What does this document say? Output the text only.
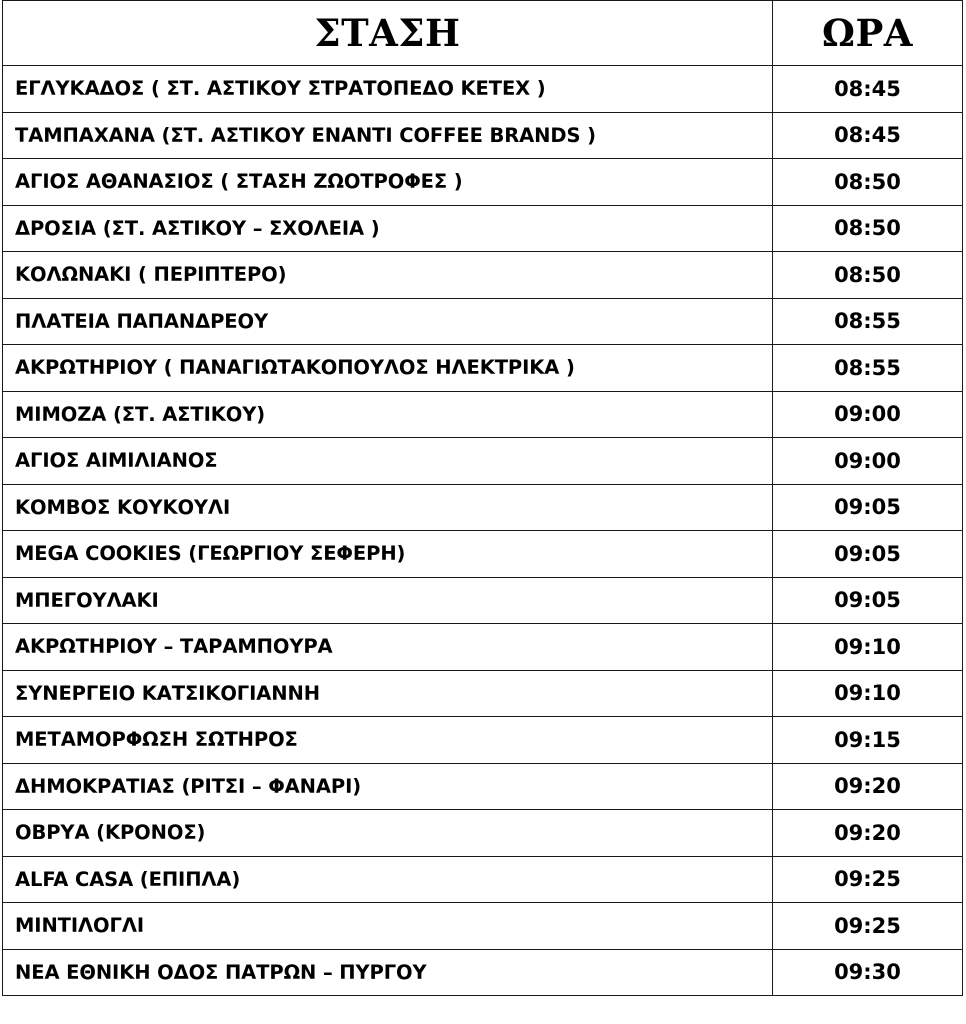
ΣΤΑΣΗ	ΩΡΑ
ΕΓΛΥΚΑΔΟΣ ( ΣΤ. ΑΣΤΙΚΟΥ ΣΤΡΑΤΟΠΕΔΟ ΚΕΤΕΧ )	08:45
ΤΑΜΠΑΧΑΝΑ (ΣΤ. ΑΣΤΙΚΟΥ ΕΝΑΝΤΙ COFFEE BRANDS )	08:45
ΑΓΙΟΣ ΑΘΑΝΑΣΙΟΣ ( ΣΤΑΣΗ ΖΩΟΤΡΟΦΕΣ )	08:50
ΔΡΟΣΙΑ (ΣΤ. ΑΣΤΙΚΟΥ – ΣΧΟΛΕΙΑ )	08:50
ΚΟΛΩΝΑΚΙ ( ΠΕΡΙΠΤΕΡΟ)	08:50
ΠΛΑΤΕΙΑ ΠΑΠΑΝΔΡΕΟΥ	08:55
ΑΚΡΩΤΗΡΙΟΥ ( ΠΑΝΑΓΙΩΤΑΚΟΠΟΥΛΟΣ ΗΛΕΚΤΡΙΚΑ )	08:55
ΜΙΜΟΖΑ (ΣΤ. ΑΣΤΙΚΟΥ)	09:00
ΑΓΙΟΣ ΑΙΜΙΛΙΑΝΟΣ	09:00
ΚΟΜΒΟΣ ΚΟΥΚΟΥΛΙ	09:05
MEGA COOKIES (ΓΕΩΡΓΙΟΥ ΣΕΦΕΡΗ)	09:05
ΜΠΕΓΟΥΛΑΚΙ	09:05
ΑΚΡΩΤΗΡΙΟΥ – ΤΑΡΑΜΠΟΥΡΑ	09:10
ΣΥΝΕΡΓΕΙΟ ΚΑΤΣΙΚΟΓΙΑΝΝΗ	09:10
ΜΕΤΑΜΟΡΦΩΣΗ ΣΩΤΗΡΟΣ	09:15
ΔΗΜΟΚΡΑΤΙΑΣ (ΡΙΤΣΙ – ΦΑΝΑΡΙ)	09:20
ΟΒΡΥΑ (ΚΡΟΝΟΣ)	09:20
ALFA CASA (ΕΠΙΠΛΑ)	09:25
ΜΙΝΤΙΛΟΓΛΙ	09:25
ΝΕΑ ΕΘΝΙΚΗ ΟΔΟΣ ΠΑΤΡΩΝ – ΠΥΡΓΟΥ	09:30
